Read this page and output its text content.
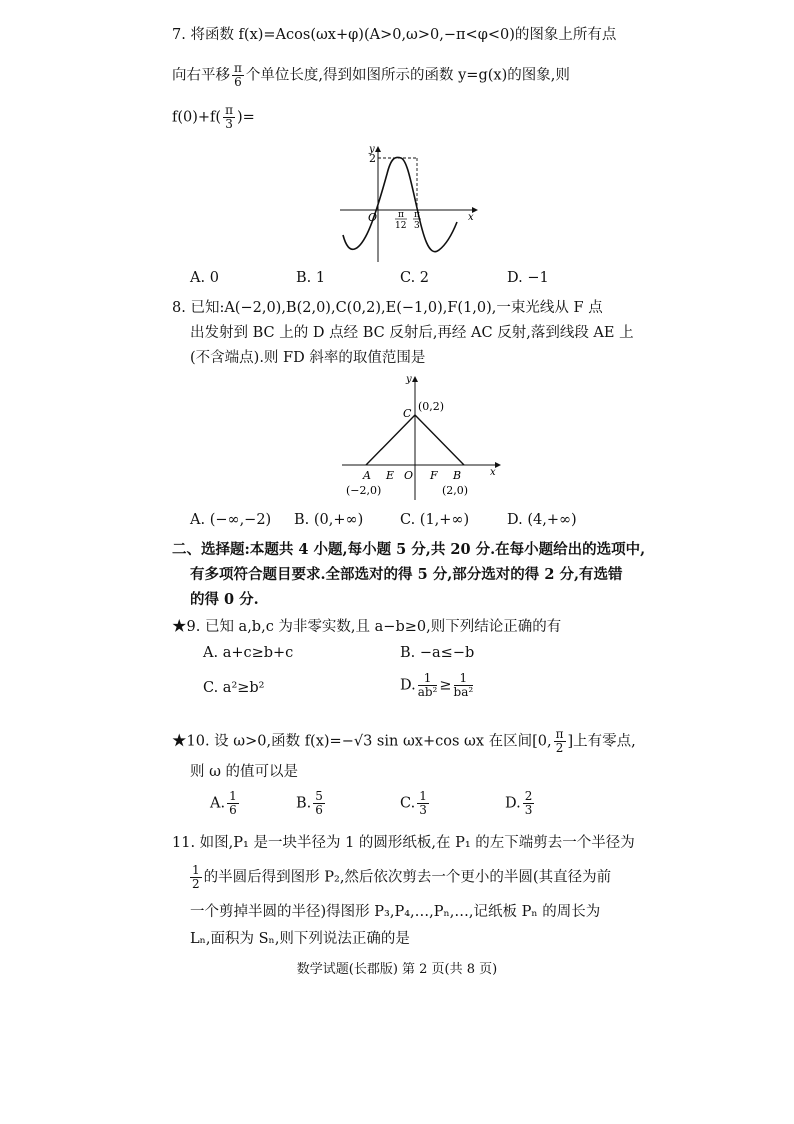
7. 将函数 f(x)=Acos(ωx+φ)(A>0,ω>0,−π<φ<0)的图象上所有点
向右平移 $\frac{\pi}{6}$ 个单位长度,得到如图所示的函数 y=g(x)的图象,则
$f(0)+f( \frac{\pi}{3}$ )=
y
x
2
O π
12
π
3
A. 0	B. 1	C. 2	D. −1
8. 已知:A(−2,0),B(2,0),C(0,2),E(−1,0),F(1,0),一束光线从 F 点
出发射到 BC 上的 D 点经 BC 反射后,再经 AC 反射,落到线段 AE 上
(不含端点).则 FD 斜率的取值范围是
y
x
C
(0,2)
A E O F B
(−2,0)	(2,0)
A. (−∞,−2) B. (0,+∞)	C. (1,+∞)	D. (4,+∞)
二、选择题:本题共 4 小题,每小题 5 分,共 20 分.在每小题给出的选项中,
有多项符合题目要求.全部选对的得 5 分,部分选对的得 2 分,有选错
的得 0 分.
★9. 已知 a,b,c 为非零实数,且 a−b≥0,则下列结论正确的有
A. a+c≥b+c	B. −a≤−b
C. a²≥b²	D. $\frac{1}{\text{ab²}} \ge \frac{1}{\text{ba²}}$
★10. 设 ω>0,函数 f(x)=−√3 sin ωx+cos ωx 在区间[0, $\frac{\pi}{2}$ ]上有零点,
则 ω 的值可以是
A. $\frac{1}{6}$	B. $\frac{5}{6}$	C. $\frac{1}{3}$	D. $\frac{2}{3}$
11. 如图,P₁ 是一块半径为 1 的圆形纸板,在 P₁ 的左下端剪去一个半径为
$\frac{1}{2}$ 的半圆后得到图形 P₂,然后依次剪去一个更小的半圆(其直径为前
一个剪掉半圆的半径)得图形 P₃,P₄,…,Pₙ,…,记纸板 Pₙ 的周长为
Lₙ,面积为 Sₙ,则下列说法正确的是
数学试题(长郡版) 第 2 页(共 8 页)
